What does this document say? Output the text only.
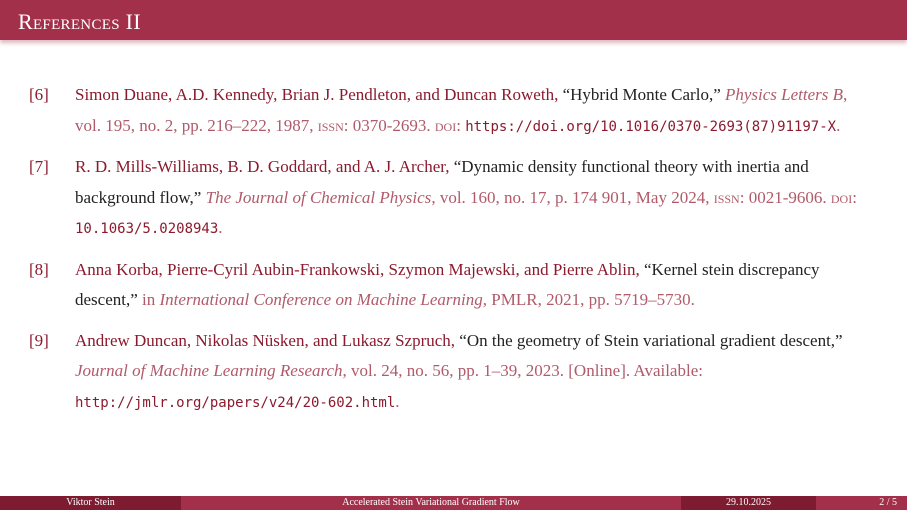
References II
[6] Simon Duane, A.D. Kennedy, Brian J. Pendleton, and Duncan Roweth, “Hybrid Monte Carlo,” Physics Letters B, vol. 195, no. 2, pp. 216–222, 1987, issn: 0370-2693. doi: https://doi.org/10.1016/0370-2693(87)91197-X.
[7] R. D. Mills-Williams, B. D. Goddard, and A. J. Archer, “Dynamic density functional theory with inertia and background flow,” The Journal of Chemical Physics, vol. 160, no. 17, p. 174 901, May 2024, issn: 0021-9606. doi: 10.1063/5.0208943.
[8] Anna Korba, Pierre-Cyril Aubin-Frankowski, Szymon Majewski, and Pierre Ablin, “Kernel stein discrepancy descent,” in International Conference on Machine Learning, PMLR, 2021, pp. 5719–5730.
[9] Andrew Duncan, Nikolas Nüsken, and Lukasz Szpruch, “On the geometry of Stein variational gradient descent,” Journal of Machine Learning Research, vol. 24, no. 56, pp. 1–39, 2023. [Online]. Available: http://jmlr.org/papers/v24/20-602.html.
Viktor Stein	Accelerated Stein Variational Gradient Flow	29.10.2025	2 / 5
